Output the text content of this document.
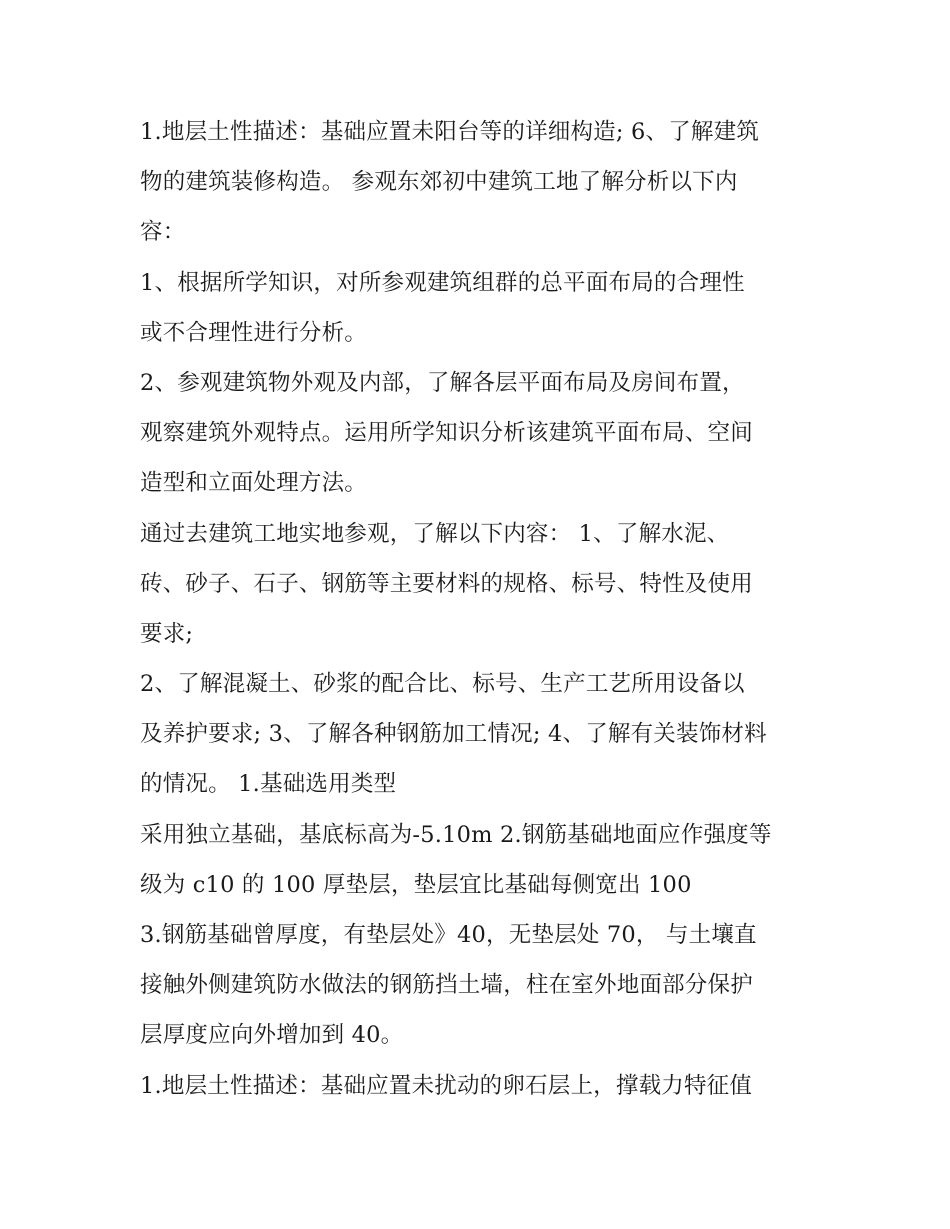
1.地层土性描述：基础应置未阳台等的详细构造; 6、了解建筑
物的建筑装修构造。 参观东郊初中建筑工地了解分析以下内
容：
1、根据所学知识，对所参观建筑组群的总平面布局的合理性
或不合理性进行分析。
2、参观建筑物外观及内部，了解各层平面布局及房间布置，
观察建筑外观特点。运用所学知识分析该建筑平面布局、空间
造型和立面处理方法。
通过去建筑工地实地参观，了解以下内容： 1、了解水泥、
砖、砂子、石子、钢筋等主要材料的规格、标号、特性及使用
要求;
2、了解混凝土、砂浆的配合比、标号、生产工艺所用设备以
及养护要求; 3、了解各种钢筋加工情况; 4、了解有关装饰材料
的情况。 1.基础选用类型
采用独立基础，基底标高为-5.10m 2.钢筋基础地面应作强度等
级为 c10 的 100 厚垫层，垫层宜比基础每侧宽出 100
3.钢筋基础曾厚度，有垫层处》40，无垫层处 70， 与土壤直
接触外侧建筑防水做法的钢筋挡土墙，柱在室外地面部分保护
层厚度应向外增加到 40。
1.地层土性描述：基础应置未扰动的卵石层上，撑载力特征值
